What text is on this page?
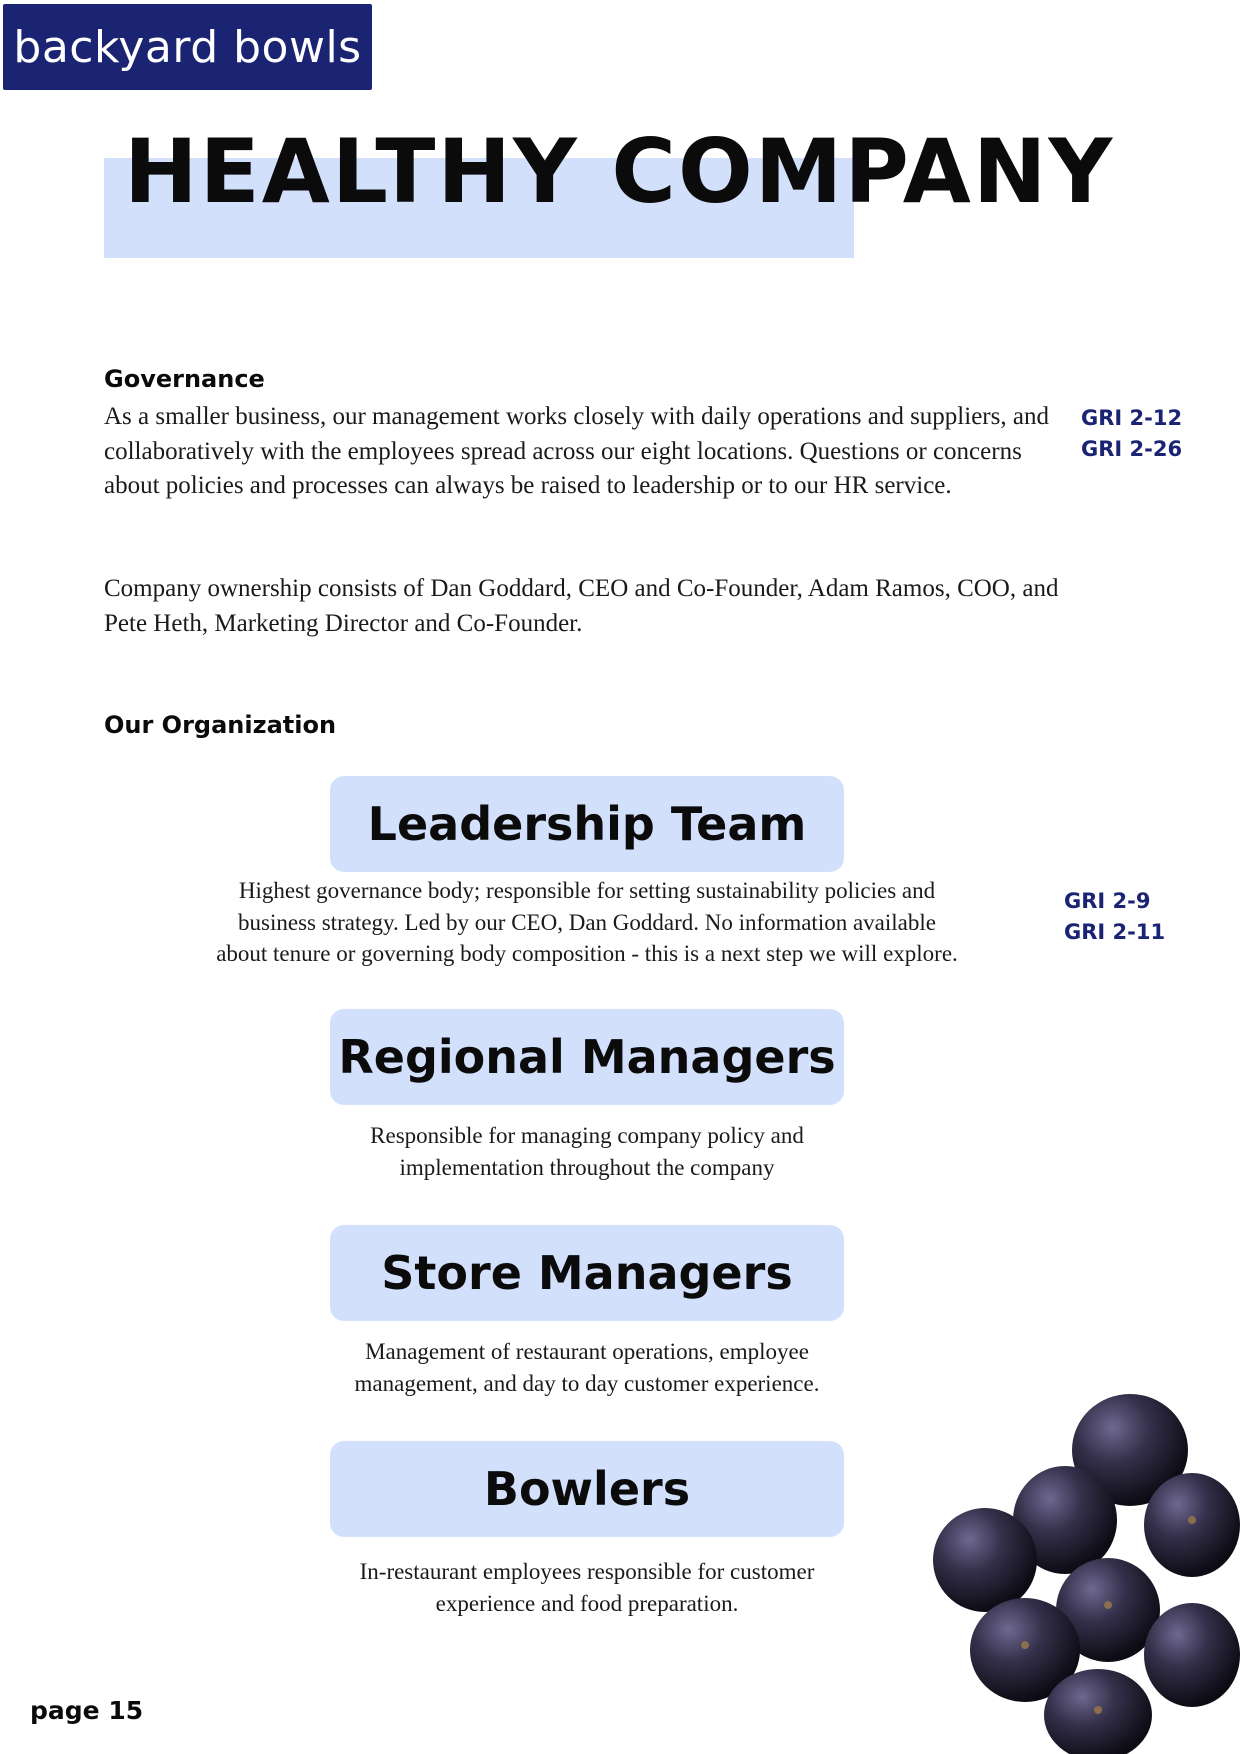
backyard bowls
HEALTHY COMPANY
Governance

As a smaller business, our management works closely with daily operations and suppliers, and collaboratively with the employees spread across our eight locations. Questions or concerns about policies and processes can always be raised to leadership or to our HR service.

Company ownership consists of Dan Goddard, CEO and Co-Founder, Adam Ramos, COO, and Pete Heth, Marketing Director and Co-Founder.

GRI 2-12
GRI 2-26
Our Organization
GRI 2-9
GRI 2-11
Leadership Team

Highest governance body; responsible for setting sustainability policies and business strategy. Led by our CEO, Dan Goddard. No information available about tenure or governing body composition - this is a next step we will explore.

Regional Managers

Responsible for managing company policy and implementation throughout the company

Store Managers

Management of restaurant operations, employee management, and day to day customer experience.

Bowlers

In-restaurant employees responsible for customer experience and food preparation.

page 15
